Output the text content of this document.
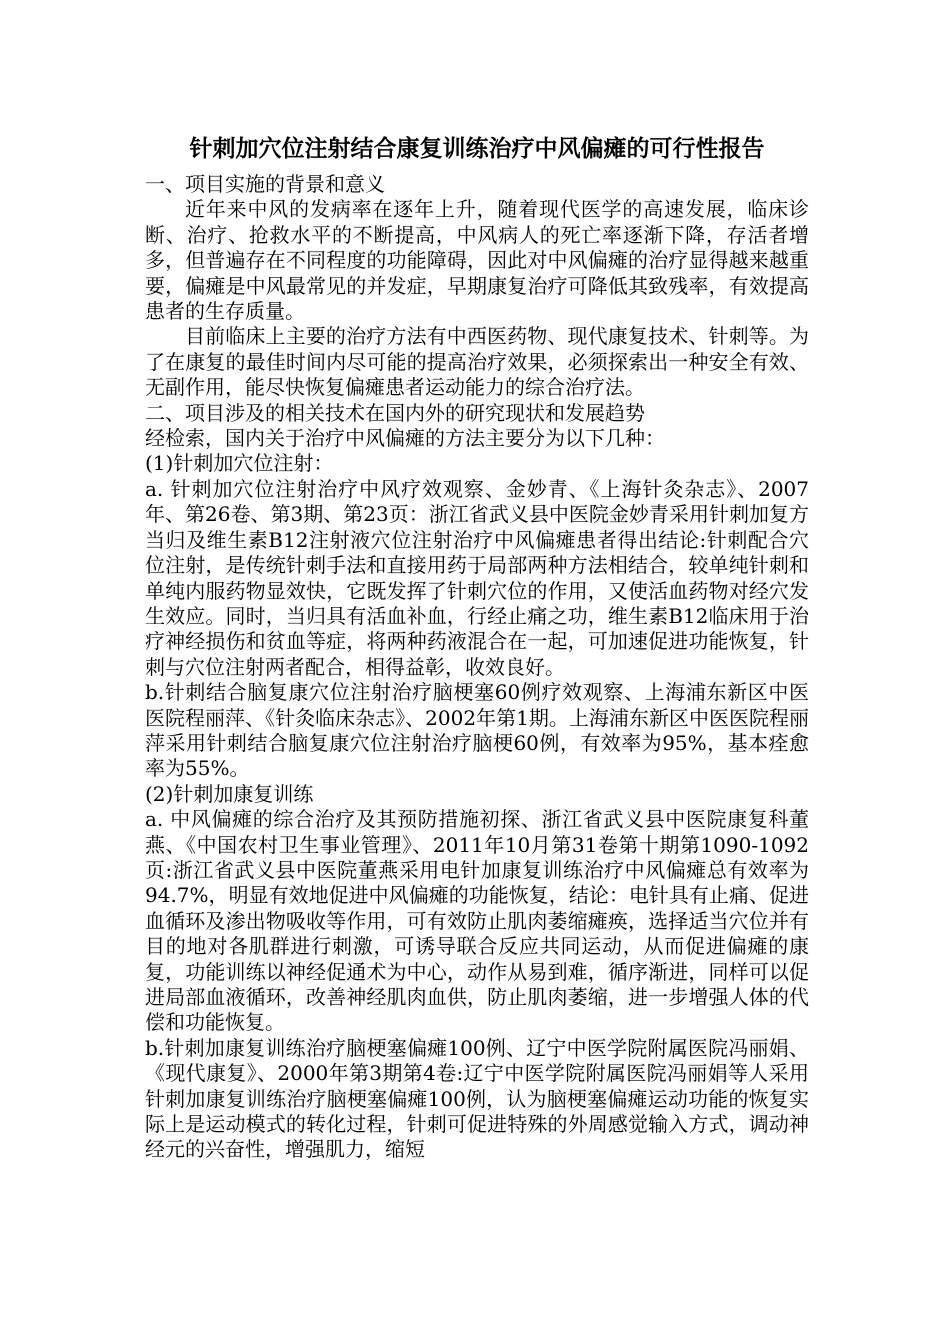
针刺加穴位注射结合康复训练治疗中风偏瘫的可行性报告

一、项目实施的背景和意义

近年来中风的发病率在逐年上升，随着现代医学的高速发展，临床诊断、治疗、抢救水平的不断提高，中风病人的死亡率逐渐下降，存活者增多，但普遍存在不同程度的功能障碍，因此对中风偏瘫的治疗显得越来越重要，偏瘫是中风最常见的并发症，早期康复治疗可降低其致残率，有效提高患者的生存质量。

目前临床上主要的治疗方法有中西医药物、现代康复技术、针刺等。为了在康复的最佳时间内尽可能的提高治疗效果，必须探索出一种安全有效、无副作用，能尽快恢复偏瘫患者运动能力的综合治疗法。

二、项目涉及的相关技术在国内外的研究现状和发展趋势

经检索，国内关于治疗中风偏瘫的方法主要分为以下几种：

(1)针刺加穴位注射：

a. 针刺加穴位注射治疗中风疗效观察、金妙青、《上海针灸杂志》、2007年、第26卷、第3期、第23页：浙江省武义县中医院金妙青采用针刺加复方当归及维生素B12注射液穴位注射治疗中风偏瘫患者得出结论:针刺配合穴位注射，是传统针刺手法和直接用药于局部两种方法相结合，较单纯针刺和单纯内服药物显效快，它既发挥了针刺穴位的作用，又使活血药物对经穴发生效应。同时，当归具有活血补血，行经止痛之功，维生素B12临床用于治疗神经损伤和贫血等症，将两种药液混合在一起，可加速促进功能恢复，针刺与穴位注射两者配合，相得益彰，收效良好。

b.针刺结合脑复康穴位注射治疗脑梗塞60例疗效观察、上海浦东新区中医医院程丽萍、《针灸临床杂志》、2002年第1期。上海浦东新区中医医院程丽萍采用针刺结合脑复康穴位注射治疗脑梗60例，有效率为95%，基本痊愈率为55%。

(2)针刺加康复训练

a. 中风偏瘫的综合治疗及其预防措施初探、浙江省武义县中医院康复科董燕、《中国农村卫生事业管理》、2011年10月第31卷第十期第1090-1092页:浙江省武义县中医院董燕采用电针加康复训练治疗中风偏瘫总有效率为94.7%，明显有效地促进中风偏瘫的功能恢复，结论：电针具有止痛、促进血循环及渗出物吸收等作用，可有效防止肌肉萎缩瘫痪，选择适当穴位并有目的地对各肌群进行刺激，可诱导联合反应共同运动，从而促进偏瘫的康复，功能训练以神经促通术为中心，动作从易到难，循序渐进，同样可以促进局部血液循环，改善神经肌肉血供，防止肌肉萎缩，进一步增强人体的代偿和功能恢复。

b.针刺加康复训练治疗脑梗塞偏瘫100例、辽宁中医学院附属医院冯丽娟、《现代康复》、2000年第3期第4卷:辽宁中医学院附属医院冯丽娟等人采用针刺加康复训练治疗脑梗塞偏瘫100例，认为脑梗塞偏瘫运动功能的恢复实际上是运动模式的转化过程，针刺可促进特殊的外周感觉输入方式，调动神经元的兴奋性，增强肌力，缩短
